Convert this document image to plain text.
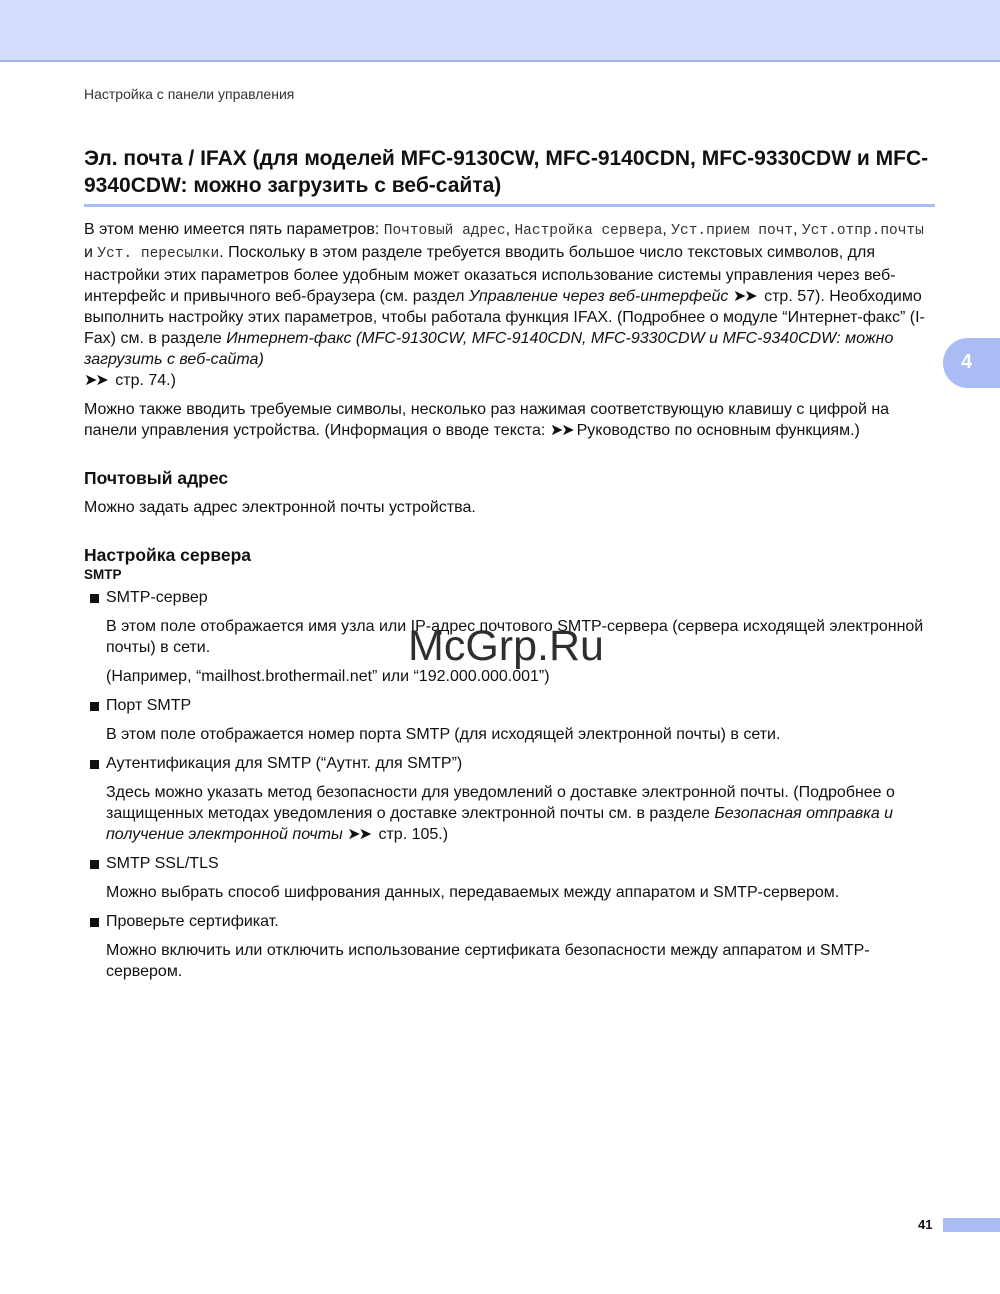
Настройка с панели управления
4
Эл. почта / IFAX (для моделей MFC-9130CW, MFC-9140CDN, MFC-9330CDW и MFC-9340CDW: можно загрузить с веб-сайта)

В этом меню имеется пять параметров: Почтовый адрес, Настройка сервера, Уст.прием почт, Уст.отпр.почты и Уст. пересылки. Поскольку в этом разделе требуется вводить большое число текстовых символов, для настройки этих параметров более удобным может оказаться использование системы управления через веб-интерфейс и привычного веб-браузера (см. раздел Управление через веб-интерфейс ➤➤ стр. 57). Необходимо выполнить настройку этих параметров, чтобы работала функция IFAX. (Подробнее о модуле “Интернет-факс” (I-Fax) см. в разделе Интернет-факс (MFC-9130CW, MFC-9140CDN, MFC-9330CDW и MFC-9340CDW: можно загрузить с веб-сайта)
➤➤ стр. 74.)

Можно также вводить требуемые символы, несколько раз нажимая соответствующую клавишу с цифрой на панели управления устройства. (Информация о вводе текста: ➤➤ Руководство по основным функциям.)

Почтовый адрес

Можно задать адрес электронной почты устройства.

Настройка сервера
SMTP
SMTP-сервер

В этом поле отображается имя узла или IP-адрес почтового SMTP-сервера (сервера исходящей электронной почты) в сети.

(Например, “mailhost.brothermail.net” или “192.000.000.001”)

Порт SMTP

В этом поле отображается номер порта SMTP (для исходящей электронной почты) в сети.

Аутентификация для SMTP (“Аутнт. для SMTP”)

Здесь можно указать метод безопасности для уведомлений о доставке электронной почты. (Подробнее о защищенных методах уведомления о доставке электронной почты см. в разделе Безопасная отправка и получение электронной почты ➤➤ стр. 105.)

SMTP SSL/TLS

Можно выбрать способ шифрования данных, передаваемых между аппаратом и SMTP-сервером.

Проверьте сертификат.

Можно включить или отключить использование сертификата безопасности между аппаратом и SMTP-сервером.

McGrp.Ru
41
